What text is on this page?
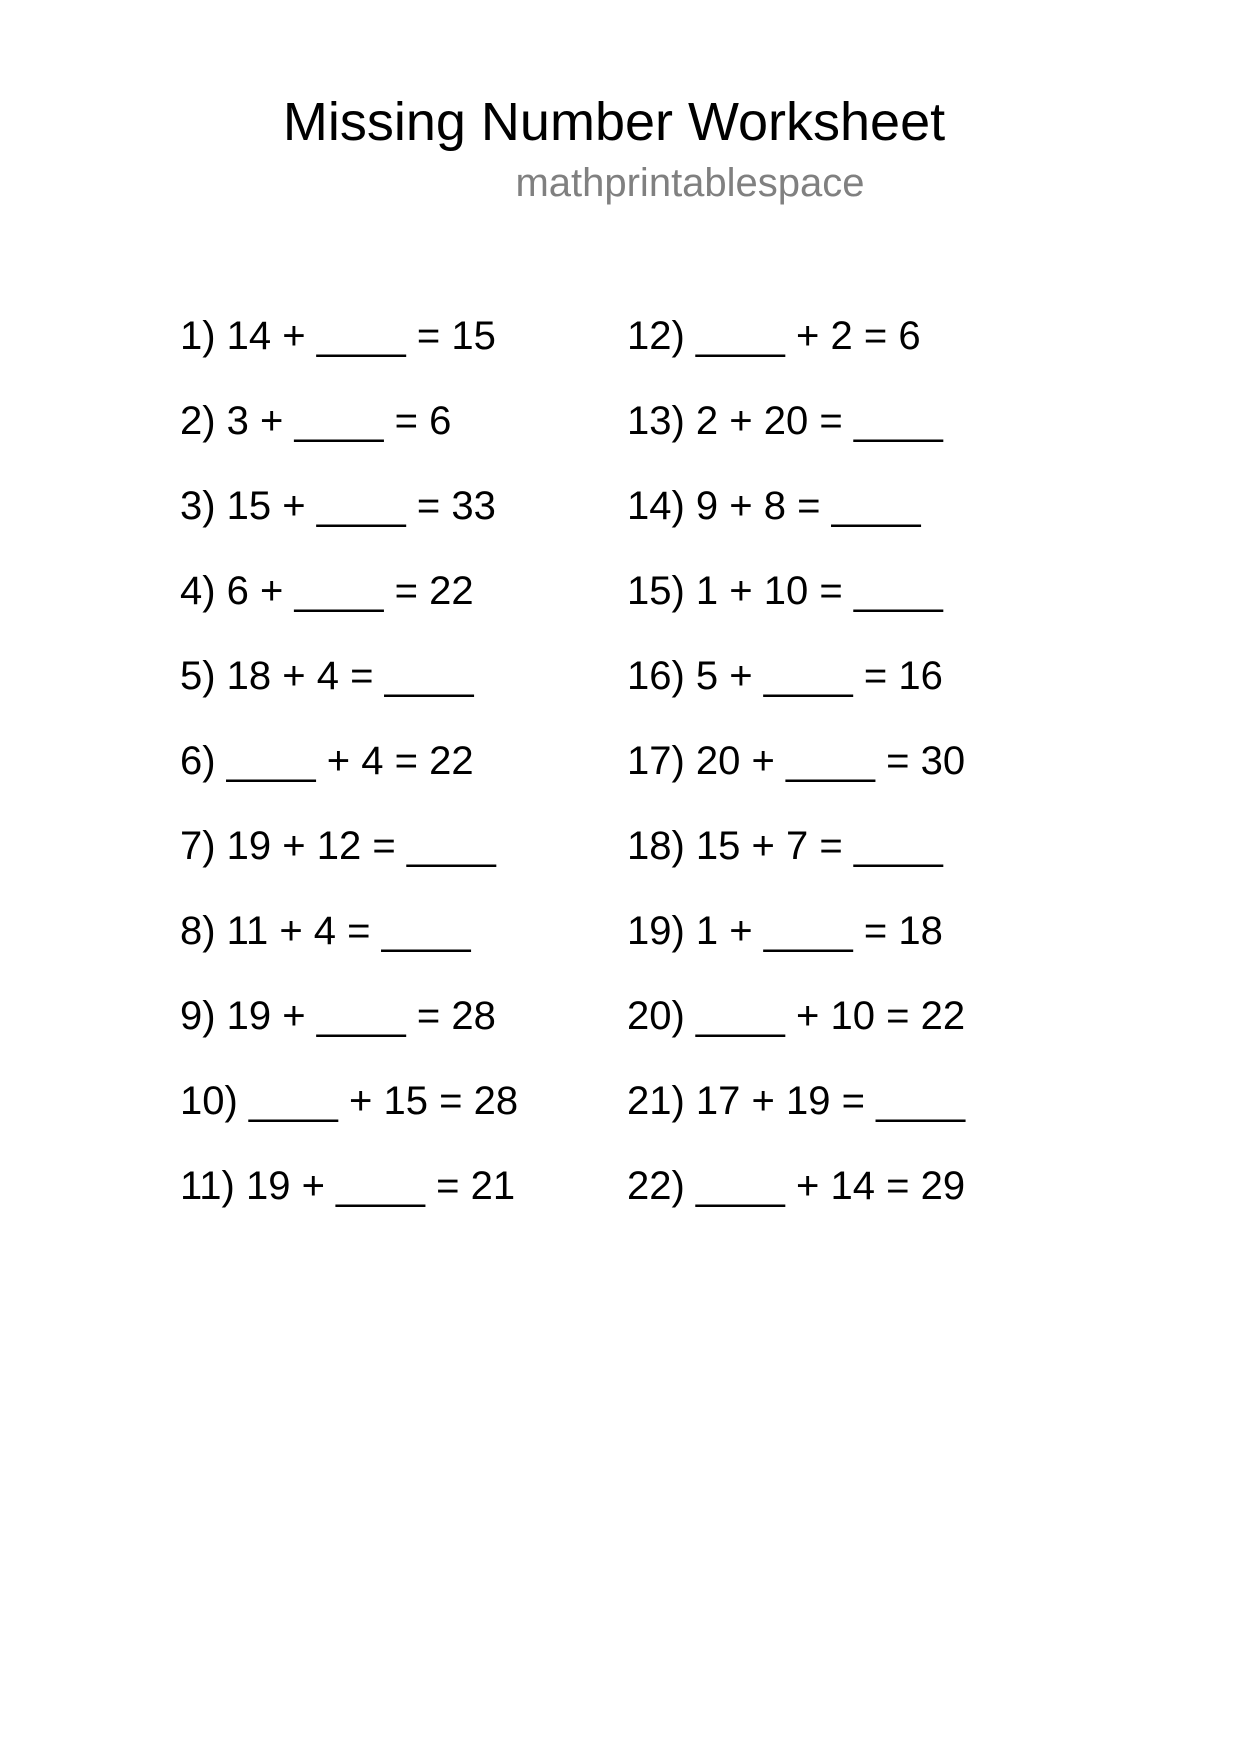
Missing Number Worksheet
mathprintablespace
1) 14 + ____ = 15
2) 3 + ____ = 6
3) 15 + ____ = 33
4) 6 + ____ = 22
5) 18 + 4 = ____
6) ____ + 4 = 22
7) 19 + 12 = ____
8) 11 + 4 = ____
9) 19 + ____ = 28
10) ____ + 15 = 28
11) 19 + ____ = 21
12) ____ + 2 = 6
13) 2 + 20 = ____
14) 9 + 8 = ____
15) 1 + 10 = ____
16) 5 + ____ = 16
17) 20 + ____ = 30
18) 15 + 7 = ____
19) 1 + ____ = 18
20) ____ + 10 = 22
21) 17 + 19 = ____
22) ____ + 14 = 29
